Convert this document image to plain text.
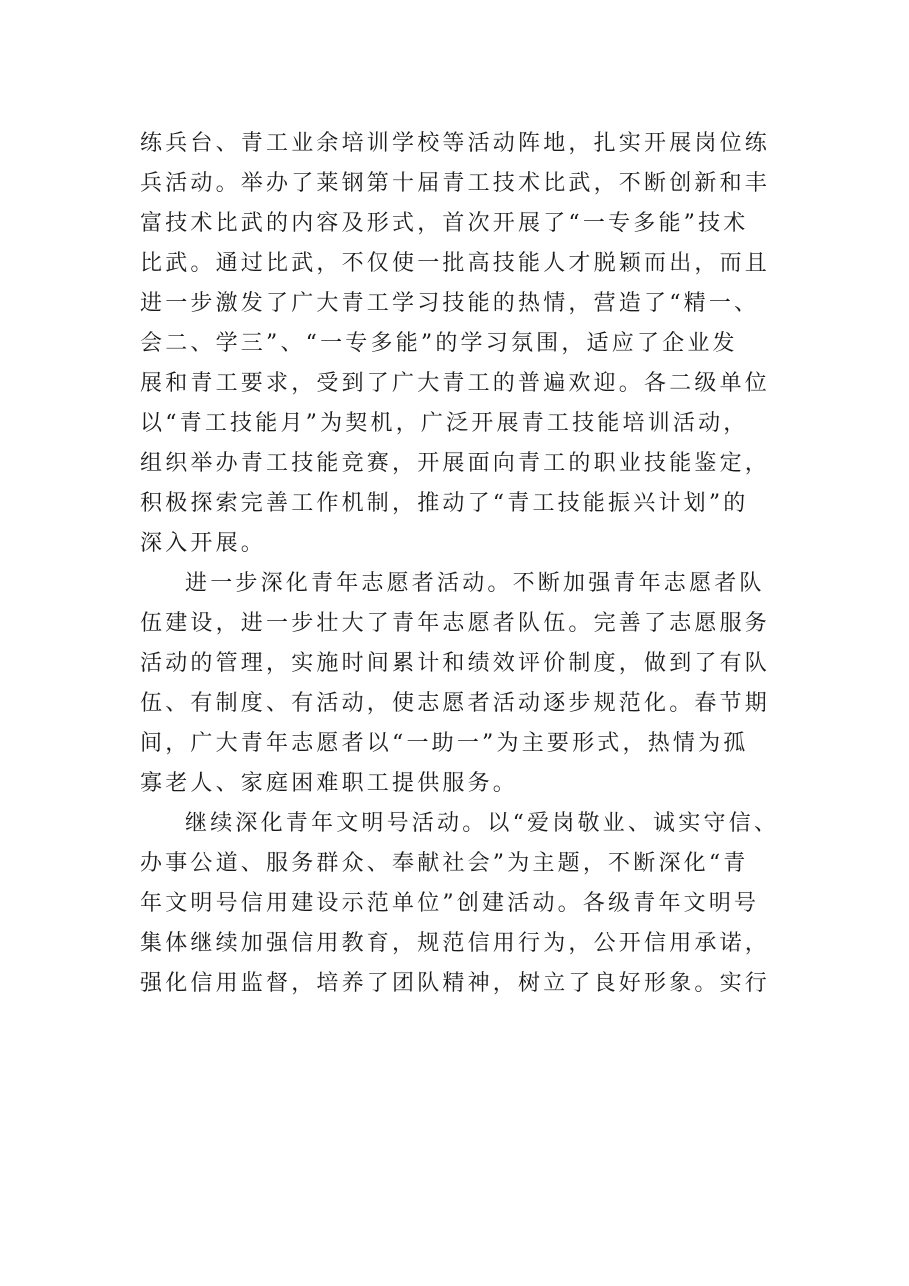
练兵台、青工业余培训学校等活动阵地，扎实开展岗位练
兵活动。举办了莱钢第十届青工技术比武，不断创新和丰
富技术比武的内容及形式，首次开展了“一专多能”技术
比武。通过比武，不仅使一批高技能人才脱颖而出，而且
进一步激发了广大青工学习技能的热情，营造了“精一、
会二、学三”、“一专多能”的学习氛围，适应了企业发
展和青工要求，受到了广大青工的普遍欢迎。各二级单位
以“青工技能月”为契机，广泛开展青工技能培训活动，
组织举办青工技能竞赛，开展面向青工的职业技能鉴定，
积极探索完善工作机制，推动了“青工技能振兴计划”的
深入开展。
进一步深化青年志愿者活动。不断加强青年志愿者队
伍建设，进一步壮大了青年志愿者队伍。完善了志愿服务
活动的管理，实施时间累计和绩效评价制度，做到了有队
伍、有制度、有活动，使志愿者活动逐步规范化。春节期
间，广大青年志愿者以“一助一”为主要形式，热情为孤
寡老人、家庭困难职工提供服务。
继续深化青年文明号活动。以“爱岗敬业、诚实守信、
办事公道、服务群众、奉献社会”为主题，不断深化“青
年文明号信用建设示范单位”创建活动。各级青年文明号
集体继续加强信用教育，规范信用行为，公开信用承诺，
强化信用监督，培养了团队精神，树立了良好形象。实行
